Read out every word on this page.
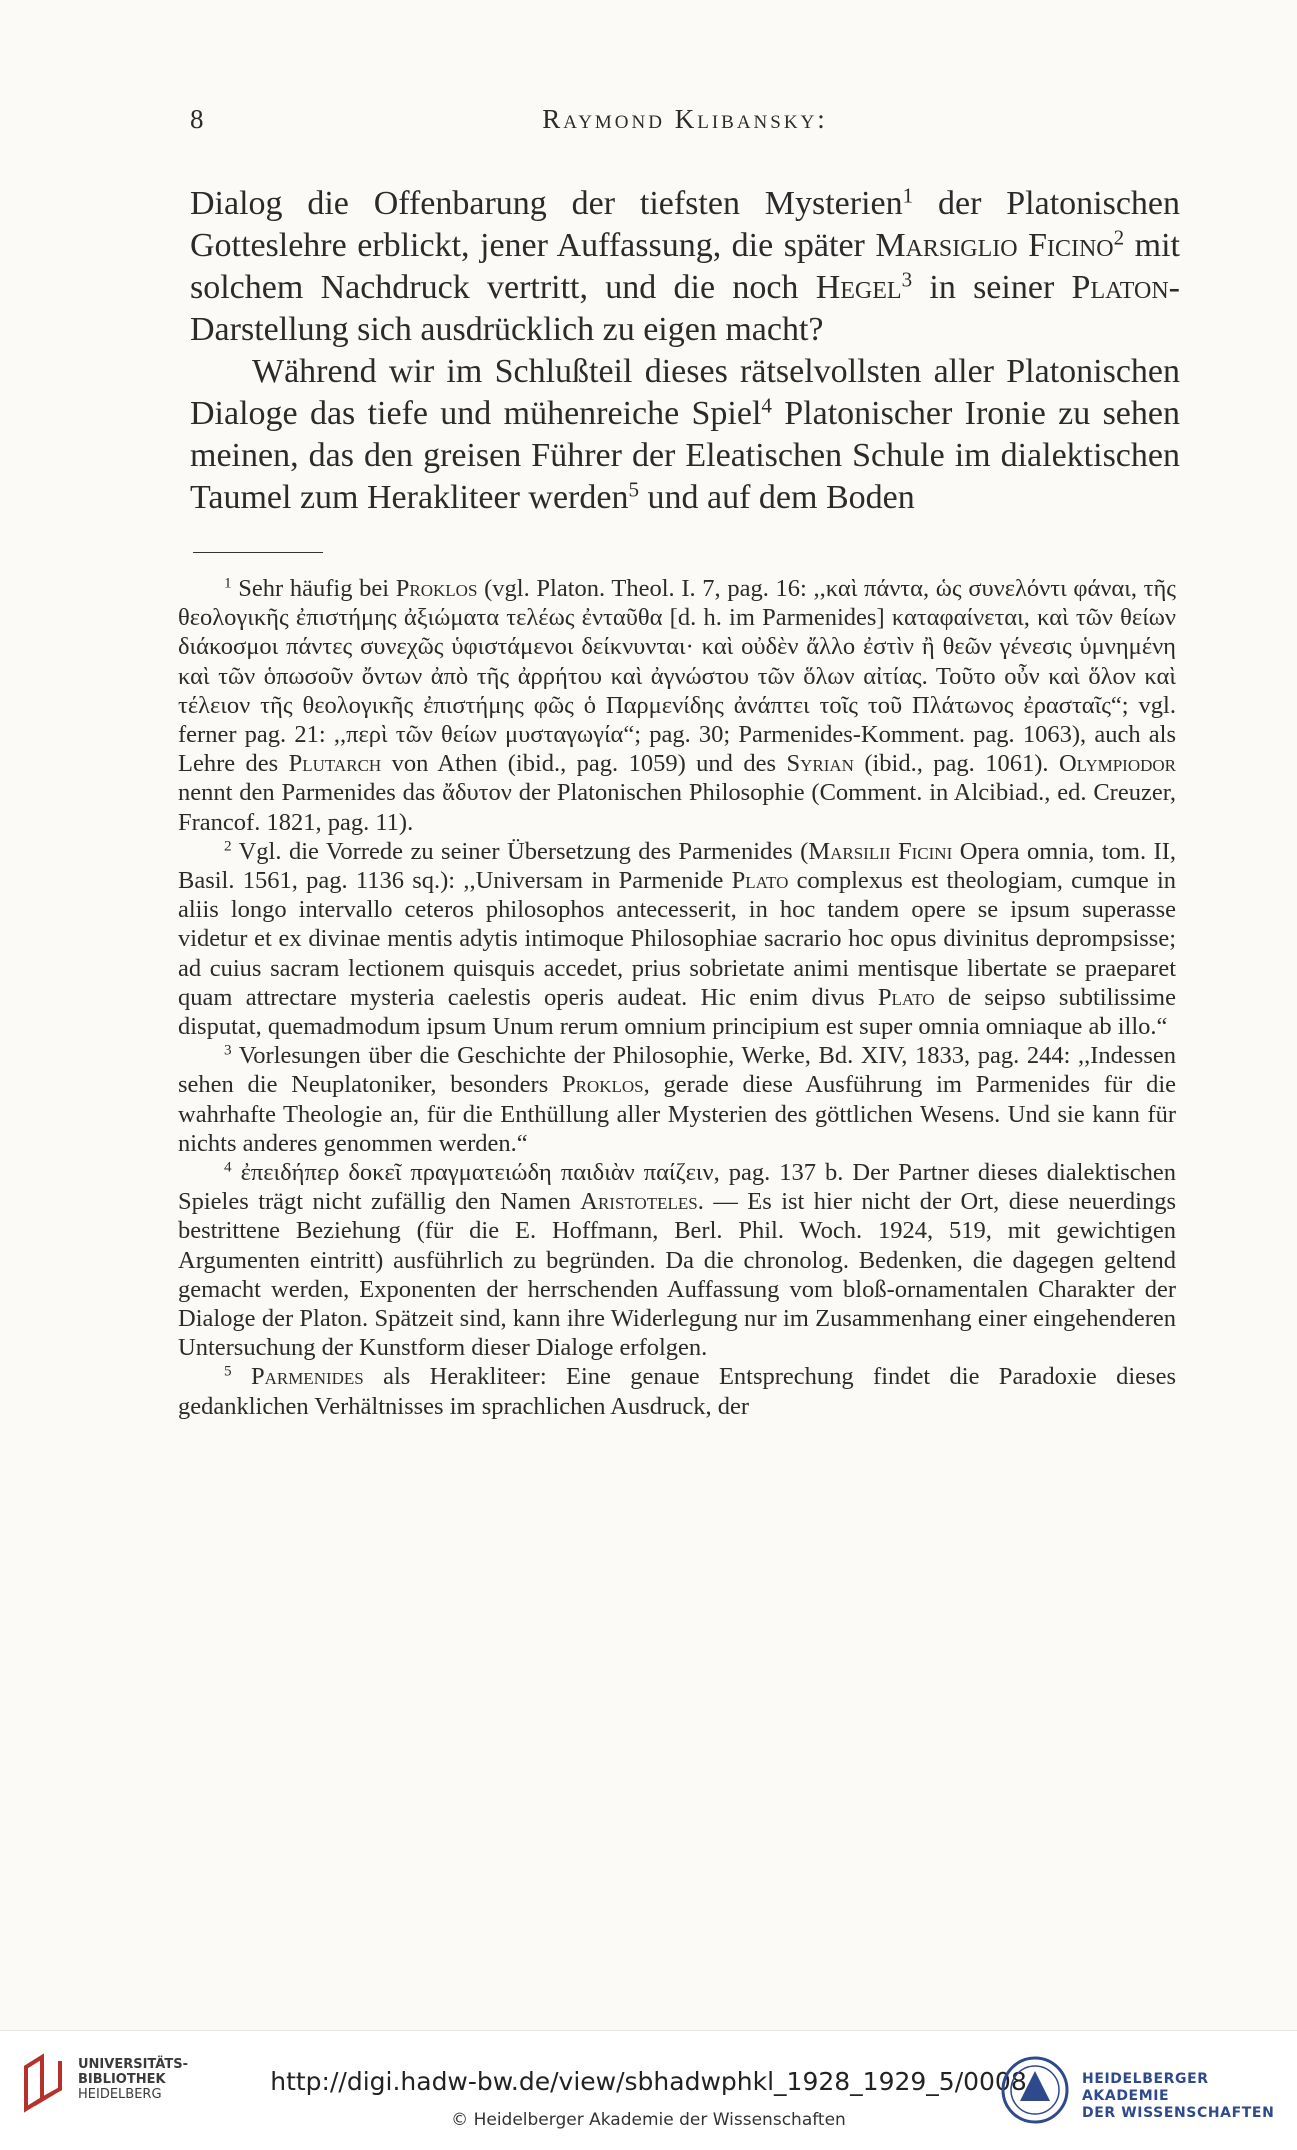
8	Raymond Klibansky:

Dialog die Offenbarung der tiefsten Mysterien$^1$ der Platonischen Gotteslehre erblickt, jener Auffassung, die später Marsiglio Ficino$^2$ mit solchem Nachdruck vertritt, und die noch Hegel$^3$ in seiner Platon-Darstellung sich ausdrücklich zu eigen macht?

Während wir im Schlußteil dieses rätselvollsten aller Platonischen Dialoge das tiefe und mühenreiche Spiel$^4$ Platonischer Ironie zu sehen meinen, das den greisen Führer der Eleatischen Schule im dialektischen Taumel zum Herakliteer werden$^5$ und auf dem Boden

$^1$ Sehr häufig bei Proklos (vgl. Platon. Theol. I. 7, pag. 16: ,,καὶ πάντα, ὡς συνελόντι φάναι, τῆς θεολογικῆς ἐπιστήμης ἀξιώματα τελέως ἐνταῦθα [d. h. im Parmenides] καταφαίνεται, καὶ τῶν θείων διάκοσμοι πάντες συνεχῶς ὑφιστάμενοι δείκνυνται· καὶ οὐδὲν ἄλλο ἐστὶν ἢ θεῶν γένεσις ὑμνημένη καὶ τῶν ὁπωσοῦν ὄντων ἀπὸ τῆς ἀρρήτου καὶ ἀγνώστου τῶν ὅλων αἰτίας. Τοῦτο οὖν καὶ ὅλον καὶ τέλειον τῆς θεολογικῆς ἐπιστήμης φῶς ὁ Παρμενίδης ἀνάπτει τοῖς τοῦ Πλάτωνος ἐρασταῖς“; vgl. ferner pag. 21: ,,περὶ τῶν θείων μυσταγωγία“; pag. 30; Parmenides-Komment. pag. 1063), auch als Lehre des Plutarch von Athen (ibid., pag. 1059) und des Syrian (ibid., pag. 1061). Olympiodor nennt den Parmenides das ἄδυτον der Platonischen Philosophie (Comment. in Alcibiad., ed. Creuzer, Francof. 1821, pag. 11).

$^2$ Vgl. die Vorrede zu seiner Übersetzung des Parmenides (Marsilii Ficini Opera omnia, tom. II, Basil. 1561, pag. 1136 sq.): ,,Universam in Parmenide Plato complexus est theologiam, cumque in aliis longo intervallo ceteros philosophos antecesserit, in hoc tandem opere se ipsum superasse videtur et ex divinae mentis adytis intimoque Philosophiae sacrario hoc opus divinitus deprompsisse; ad cuius sacram lectionem quisquis accedet, prius sobrietate animi mentisque libertate se praeparet quam attrectare mysteria caelestis operis audeat. Hic enim divus Plato de seipso subtilissime disputat, quemadmodum ipsum Unum rerum omnium principium est super omnia omniaque ab illo.“

$^3$ Vorlesungen über die Geschichte der Philosophie, Werke, Bd. XIV, 1833, pag. 244: ,,Indessen sehen die Neuplatoniker, besonders Proklos, gerade diese Ausführung im Parmenides für die wahrhafte Theologie an, für die Enthüllung aller Mysterien des göttlichen Wesens. Und sie kann für nichts anderes genommen werden.“

$^4$ ἐπειδήπερ δοκεῖ πραγματειώδη παιδιὰν παίζειν, pag. 137 b. Der Partner dieses dialektischen Spieles trägt nicht zufällig den Namen Aristoteles. — Es ist hier nicht der Ort, diese neuerdings bestrittene Beziehung (für die E. Hoffmann, Berl. Phil. Woch. 1924, 519, mit gewichtigen Argumenten eintritt) ausführlich zu begründen. Da die chronolog. Bedenken, die dagegen geltend gemacht werden, Exponenten der herrschenden Auffassung vom bloß-ornamentalen Charakter der Dialoge der Platon. Spätzeit sind, kann ihre Widerlegung nur im Zusammenhang einer eingehenderen Untersuchung der Kunstform dieser Dialoge erfolgen.

$^5$ Parmenides als Herakliteer: Eine genaue Entsprechung findet die Paradoxie dieses gedanklichen Verhältnisses im sprachlichen Ausdruck, der

UNIVERSITÄTS-
BIBLIOTHEK
HEIDELBERG	http://digi.hadw-bw.de/view/sbhadwphkl_1928_1929_5/0008
© Heidelberger Akademie der Wissenschaften
HEIDELBERGER AKADEMIE
DER WISSENSCHAFTEN
